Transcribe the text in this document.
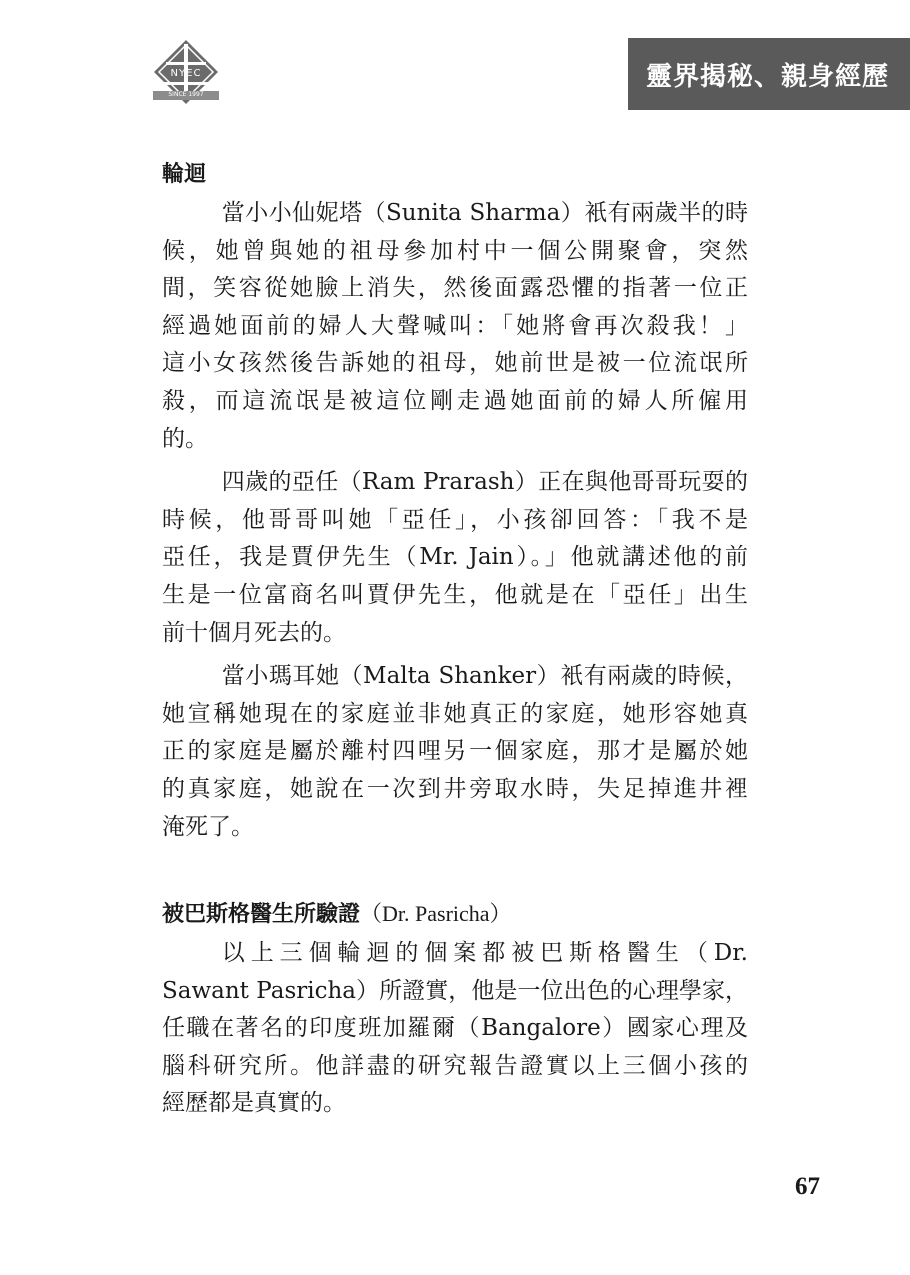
NYEC
SINCE 1997
靈界揭秘、親身經歷
輪迴
當小小仙妮塔（Sunita Sharma）衹有兩歲半的時
候，她曾與她的祖母參加村中一個公開聚會，突然
間，笑容從她臉上消失，然後面露恐懼的指著一位正
經過她面前的婦人大聲喊叫：「她將會再次殺我！」
這小女孩然後告訴她的祖母，她前世是被一位流氓所
殺，而這流氓是被這位剛走過她面前的婦人所僱用
的。
四歲的亞任（Ram Prarash）正在與他哥哥玩耍的
時候，他哥哥叫她「亞任」，小孩卻回答：「我不是
亞任，我是賈伊先生（Mr. Jain）。」他就講述他的前
生是一位富商名叫賈伊先生，他就是在「亞任」出生
前十個月死去的。
當小瑪耳她（Malta Shanker）衹有兩歲的時候，
她宣稱她現在的家庭並非她真正的家庭，她形容她真
正的家庭是屬於離村四哩另一個家庭，那才是屬於她
的真家庭，她說在一次到井旁取水時，失足掉進井裡
淹死了。
被巴斯格醫生所驗證（Dr. Pasricha）
以上三個輪迴的個案都被巴斯格醫生（Dr.
Sawant Pasricha）所證實，他是一位出色的心理學家，
任職在著名的印度班加羅爾（Bangalore）國家心理及
腦科研究所。他詳盡的研究報告證實以上三個小孩的
經歷都是真實的。
67
